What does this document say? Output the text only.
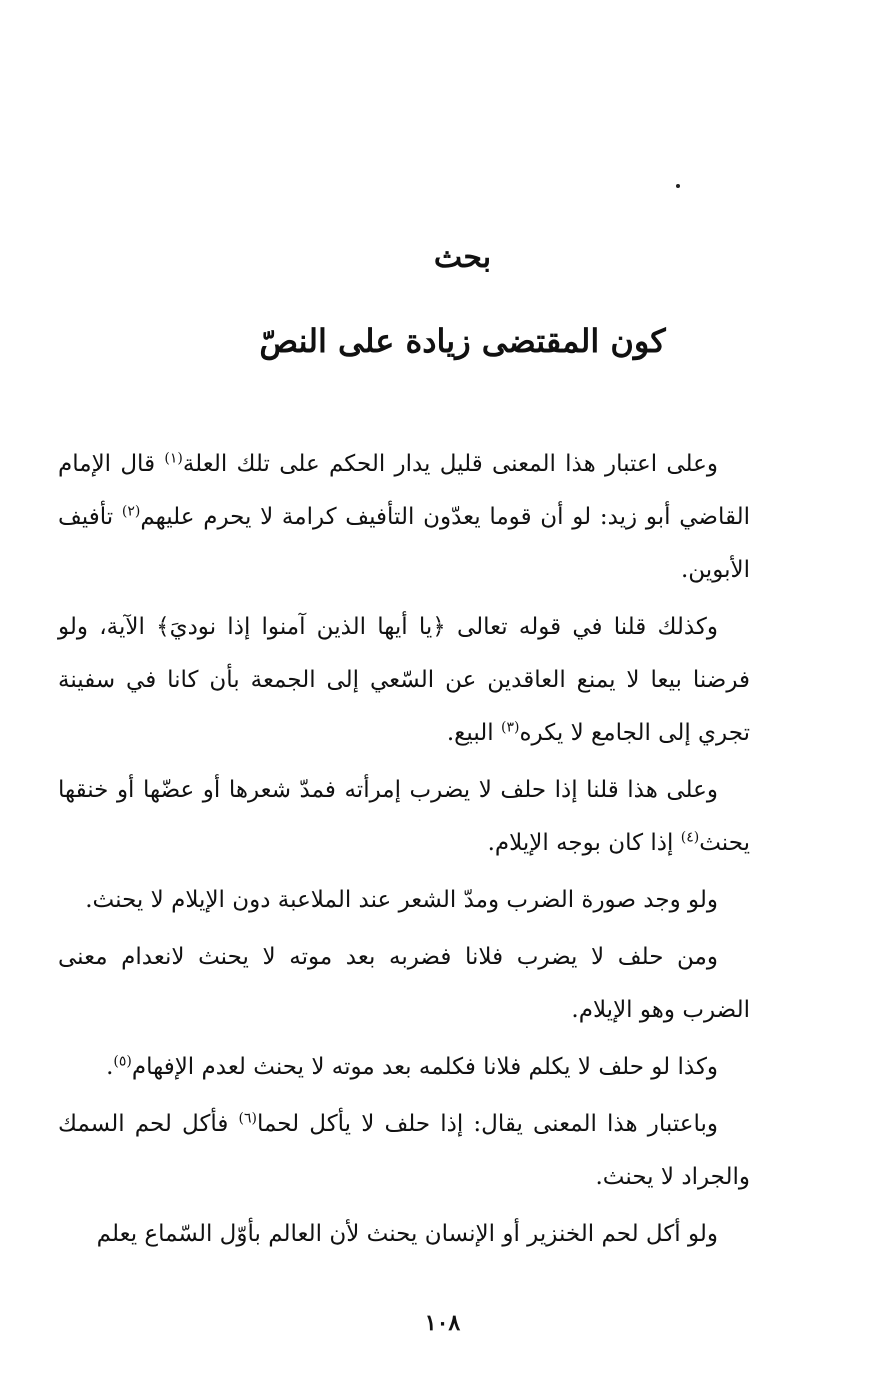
بحث
كون المقتضى زيادة على النصّ

وعلى اعتبار هذا المعنى قليل يدار الحكم على تلك العلة$^{(١)}$ قال الإمام القاضي أبو زيد: لو أن قوما يعدّون التأفيف كرامة لا يحرم عليهم$^{(٢)}$ تأفيف الأبوين.

وكذلك قلنا في قوله تعالى ﴿يا أيها الذين آمنوا إذا نوديَ﴾ الآية، ولو فرضنا بيعا لا يمنع العاقدين عن السّعي إلى الجمعة بأن كانا في سفينة تجري إلى الجامع لا يكره$^{(٣)}$ البيع.

وعلى هذا قلنا إذا حلف لا يضرب إمرأته فمدّ شعرها أو عضّها أو خنقها يحنث$^{(٤)}$ إذا كان بوجه الإيلام.

ولو وجد صورة الضرب ومدّ الشعر عند الملاعبة دون الإيلام لا يحنث.

ومن حلف لا يضرب فلانا فضربه بعد موته لا يحنث لانعدام معنى الضرب وهو الإيلام.

وكذا لو حلف لا يكلم فلانا فكلمه بعد موته لا يحنث لعدم الإفهام$^{(٥)}$.

وباعتبار هذا المعنى يقال: إذا حلف لا يأكل لحما$^{(٦)}$ فأكل لحم السمك والجراد لا يحنث.

ولو أكل لحم الخنزير أو الإنسان يحنث لأن العالم بأوّل السّماع يعلم

١٠٨
